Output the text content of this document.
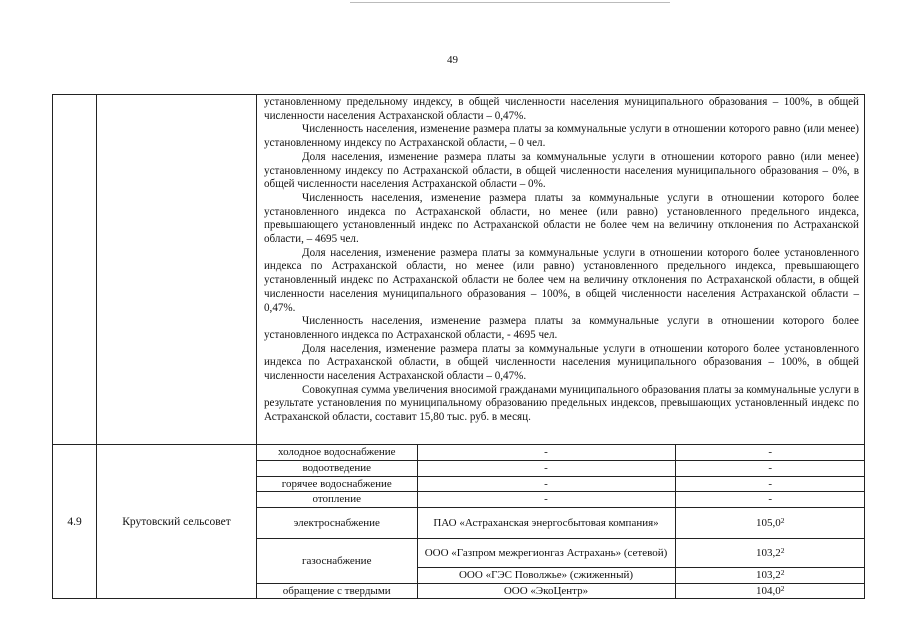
49

установленному предельному индексу, в общей численности населения муниципального образования – 100%, в общей численности населения Астраханской области – 0,47%.

Численность населения, изменение размера платы за коммунальные услуги в отношении которого равно (или менее) установленному индексу по Астраханской области, – 0 чел.

Доля населения, изменение размера платы за коммунальные услуги в отношении которого равно (или менее) установленному индексу по Астраханской области, в общей численности населения муниципального образования – 0%, в общей численности населения Астраханской области – 0%.

Численность населения, изменение размера платы за коммунальные услуги в отношении которого более установленного индекса по Астраханской области, но менее (или равно) установленного предельного индекса, превышающего установленный индекс по Астраханской области не более чем на величину отклонения по Астраханской области, – 4695 чел.

Доля населения, изменение размера платы за коммунальные услуги в отношении которого более установленного индекса по Астраханской области, но менее (или равно) установленного предельного индекса, превышающего установленный индекс по Астраханской области не более чем на величину отклонения по Астраханской области, в общей численности населения муниципального образования – 100%, в общей численности населения Астраханской области – 0,47%.

Численность населения, изменение размера платы за коммунальные услуги в отношении которого более установленного индекса по Астраханской области, - 4695 чел.

Доля населения, изменение размера платы за коммунальные услуги в отношении которого более установленного индекса по Астраханской области, в общей численности населения муниципального образования – 100%, в общей численности населения Астраханской области – 0,47%.

Совокупная сумма увеличения вносимой гражданами муниципального образования платы за коммунальные услуги в результате установления по муниципальному образованию предельных индексов, превышающих установленный индекс по Астраханской области, составит 15,80 тыс. руб. в месяц.

4.9	Крутовский сельсовет	
холодное водоснабжение	-	-
водоотведение	-	-
горячее водоснабжение	-	-
отопление	-	-
электроснабжение	ПАО «Астраханская энергосбытовая компания»	105,0$^2$
газоснабжение	ООО «Газпром межрегионгаз Астрахань» (сетевой)	103,2$^2$
ООО «ГЭС Поволжье» (сжиженный)	103,2$^2$
обращение с твердыми	ООО «ЭкоЦентр»	104,0$^2$
